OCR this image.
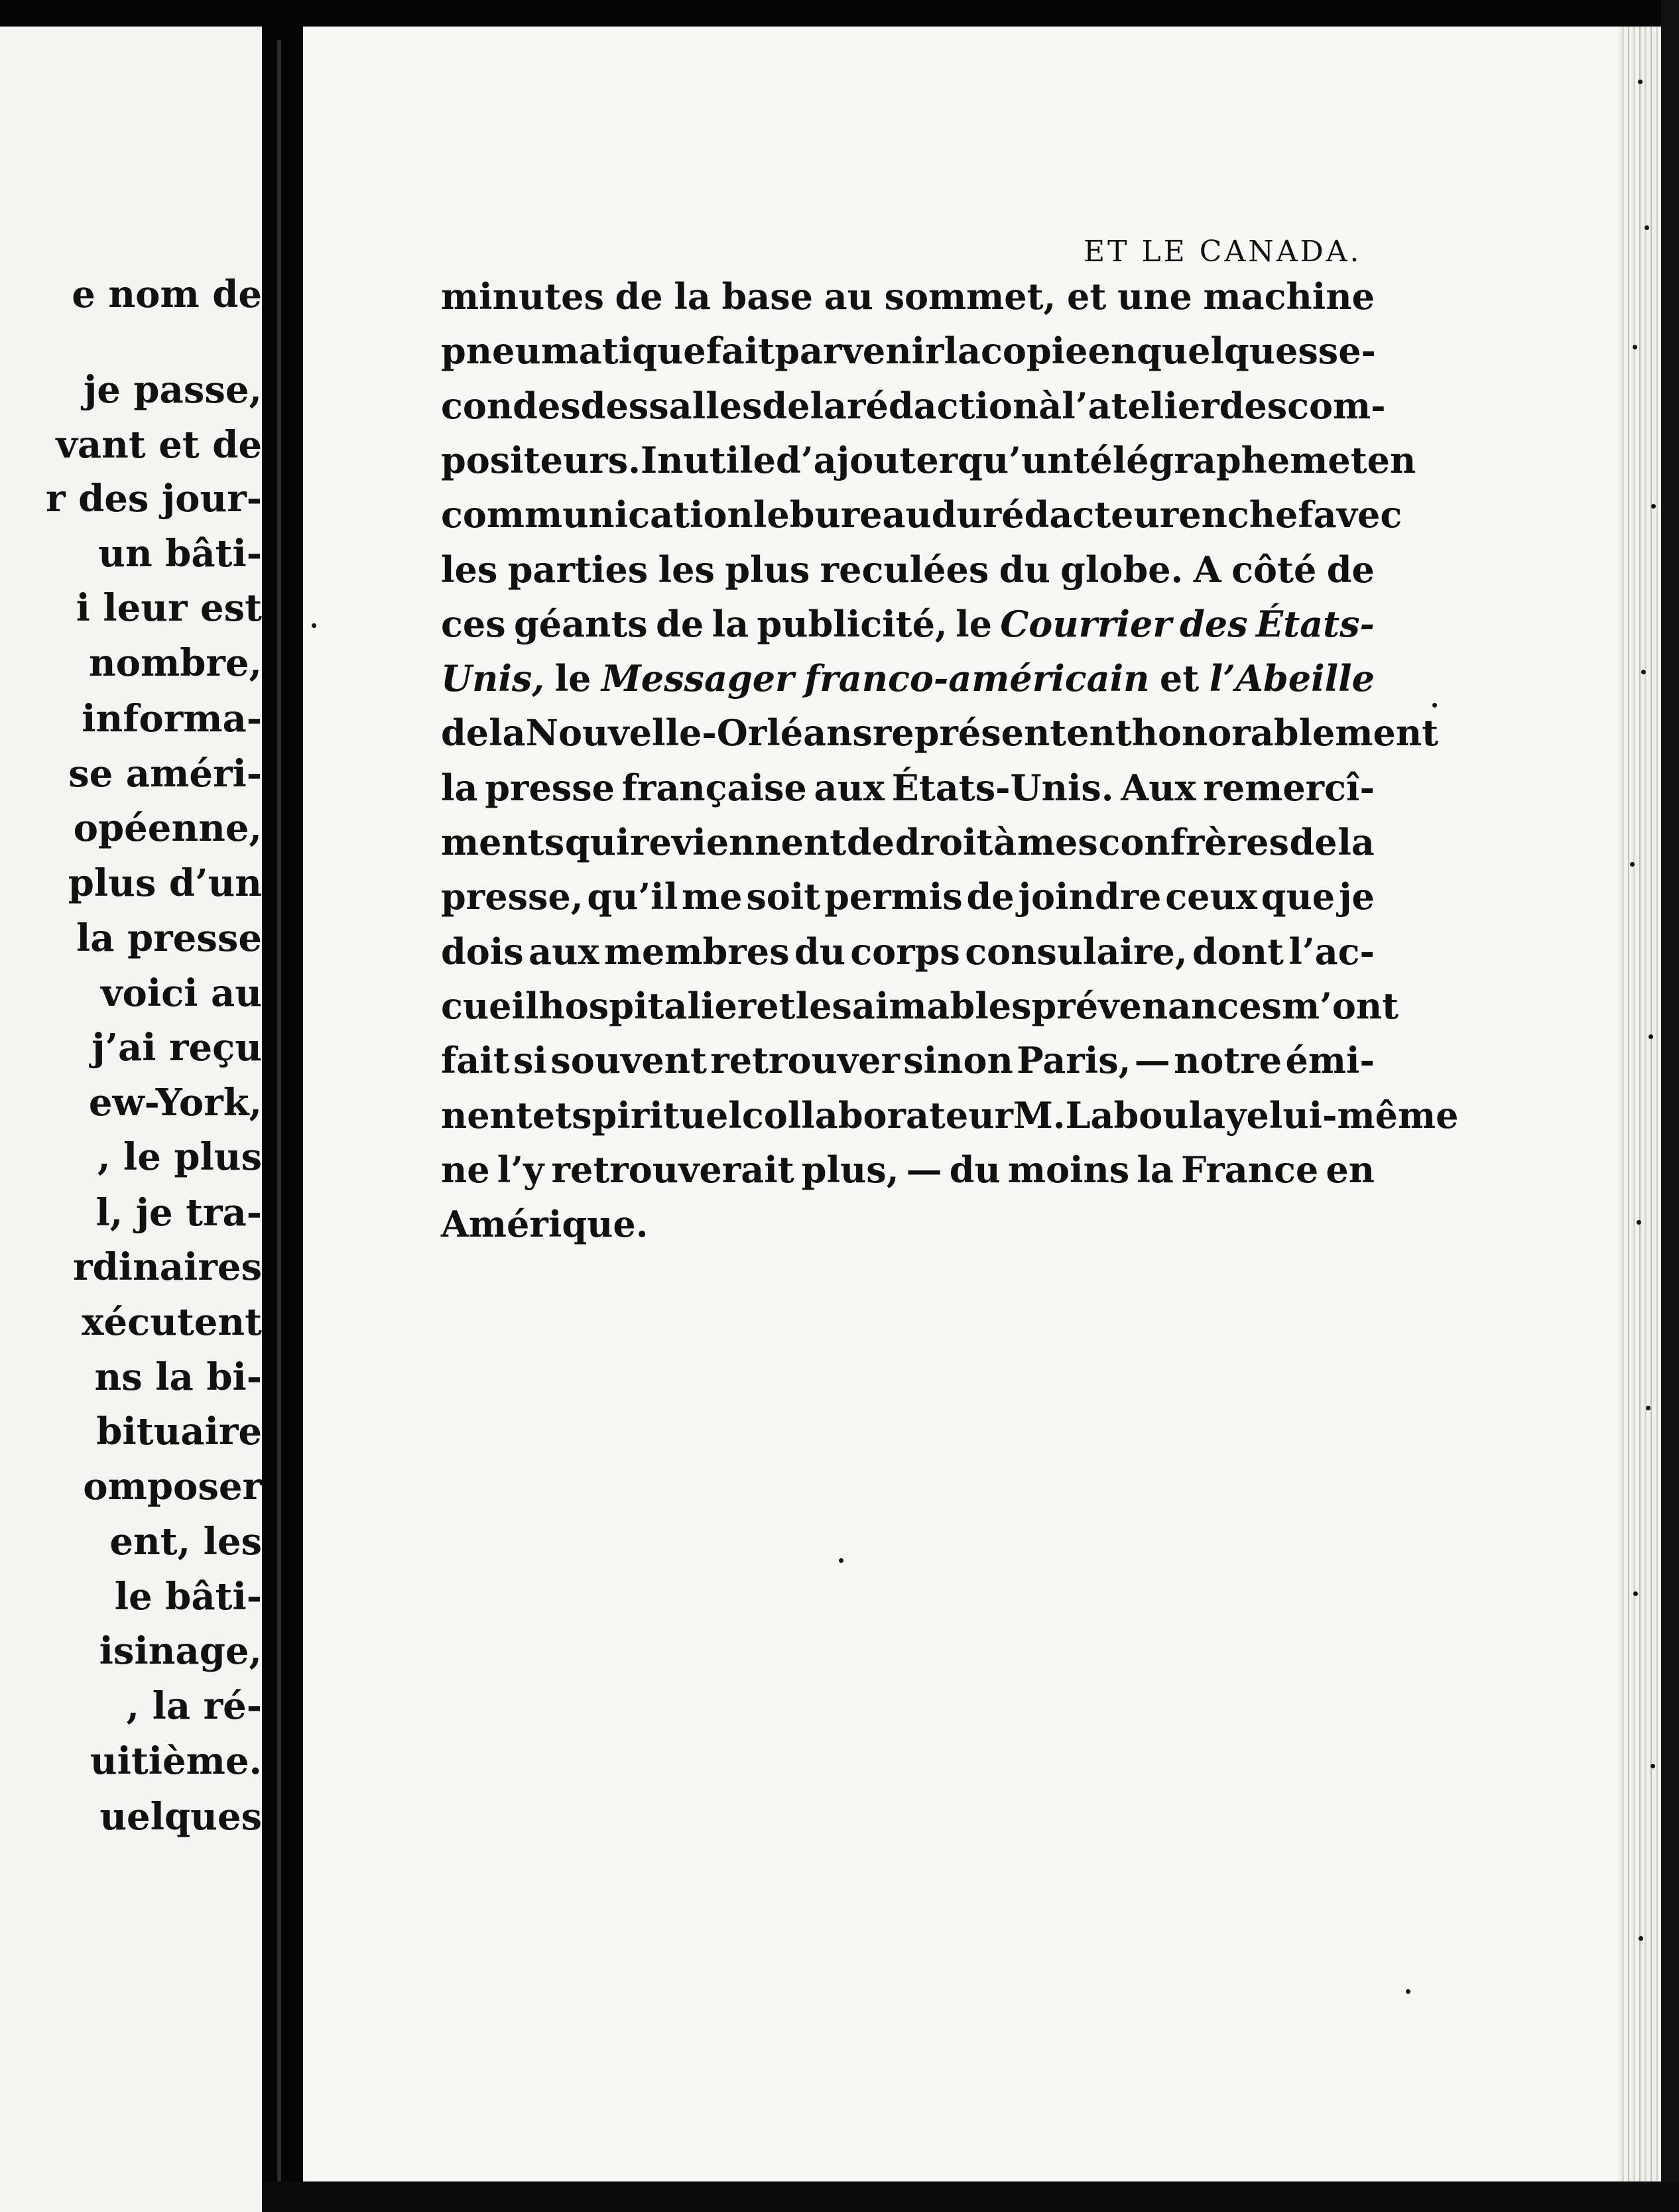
e nom de
je passe,
vant et de
r des jour-
un bâti-
i leur est
nombre,
informa-
se améri-
opéenne,
plus d’un
la presse
voici au
j’ai reçu
ew-York,
, le plus
l, je tra-
rdinaires
xécutent
ns la bi-
bituaire
omposer
ent, les
le bâti-
isinage,
, la ré-
uitième.
uelques
ET LE CANADA.
minutes de la base au sommet, et une machine
pneumatique fait parvenir la copie en quelques se-
condes des salles de la rédaction à l’atelier des com-
positeurs. Inutile d’ajouter qu’un télégraphe met en
communication le bureau du rédacteur en chef avec
les parties les plus reculées du globe. A côté de
ces géants de la publicité, le Courrier des États-
Unis, le Messager franco-américain et l’Abeille
de la Nouvelle-Orléans représentent honorablement
la presse française aux États-Unis. Aux remercî-
ments qui reviennent de droit à mes confrères de la
presse, qu’il me soit permis de joindre ceux que je
dois aux membres du corps consulaire, dont l’ac-
cueil hospitalier et les aimables prévenances m’ont
fait si souvent retrouver sinon Paris, — notre émi-
nent et spirituel collaborateur M. Laboulaye lui-même
ne l’y retrouverait plus, — du moins la France en
Amérique.
